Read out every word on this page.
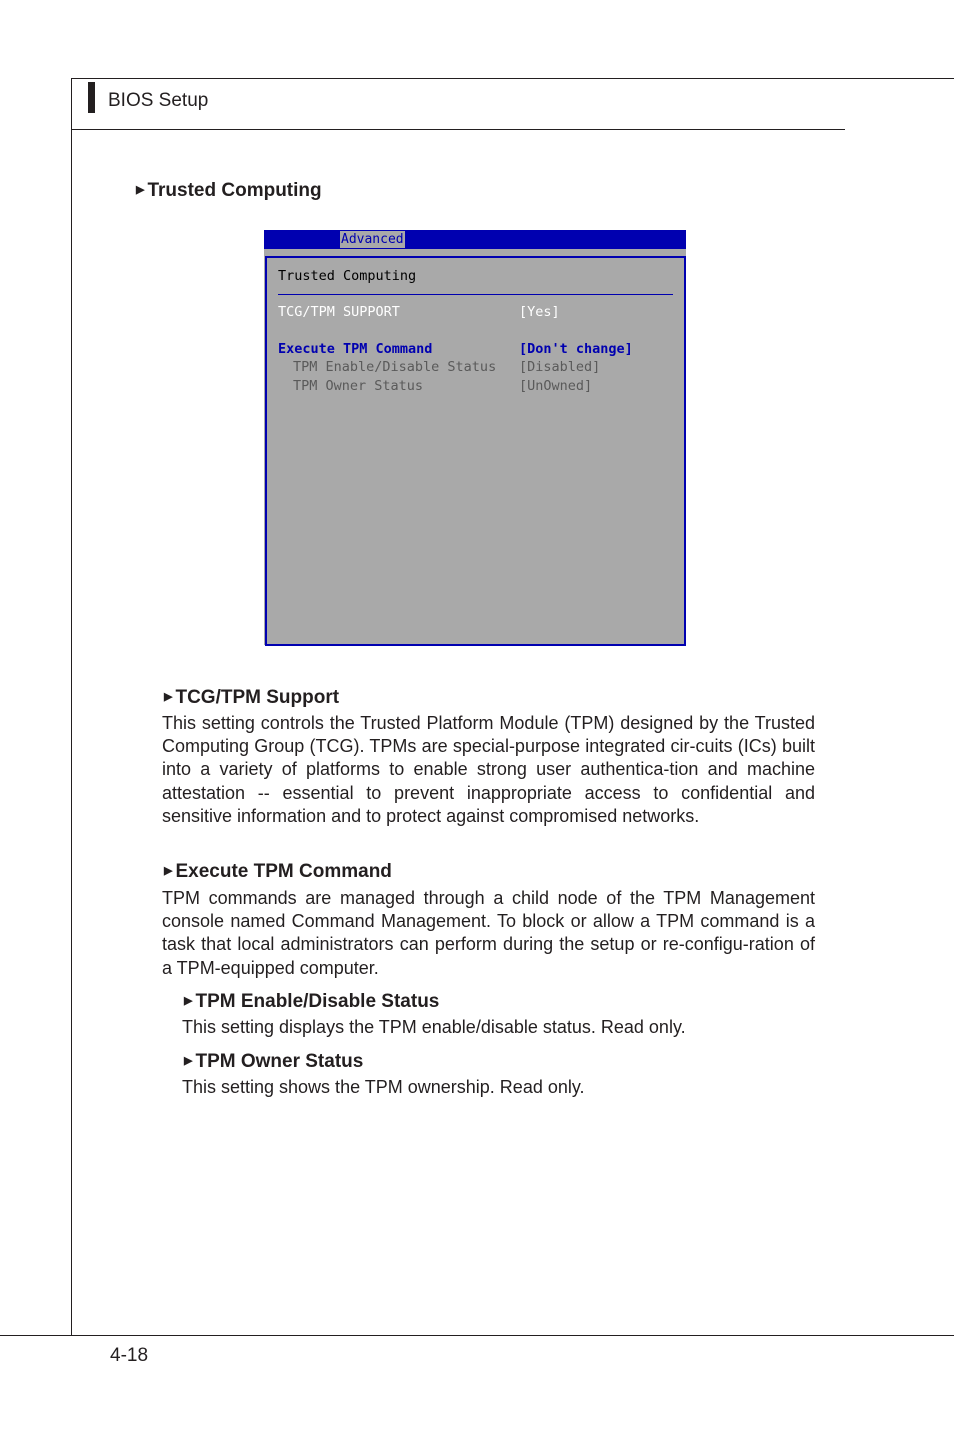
BIOS Setup
▶ Trusted Computing
Advanced
Trusted Computing
TCG/TPM SUPPORT	[Yes]
Execute TPM Command	[Don't change]
TPM Enable/Disable Status [Disabled]
TPM Owner Status	[UnOwned]
▶ TCG/TPM Support
This setting controls the Trusted Platform Module (TPM) designed by the Trusted Computing Group (TCG). TPMs are special-purpose integrated cir-cuits (ICs) built into a variety of platforms to enable strong user authentica-tion and machine attestation -- essential to prevent inappropriate access to confidential and sensitive information and to protect against compromised networks.
▶ Execute TPM Command
TPM commands are managed through a child node of the TPM Management console named Command Management. To block or allow a TPM command is a task that local administrators can perform during the setup or re-configu-ration of a TPM-equipped computer.
▶ TPM Enable/Disable Status
This setting displays the TPM enable/disable status. Read only.
▶ TPM Owner Status
This setting shows the TPM ownership. Read only.
4-18
